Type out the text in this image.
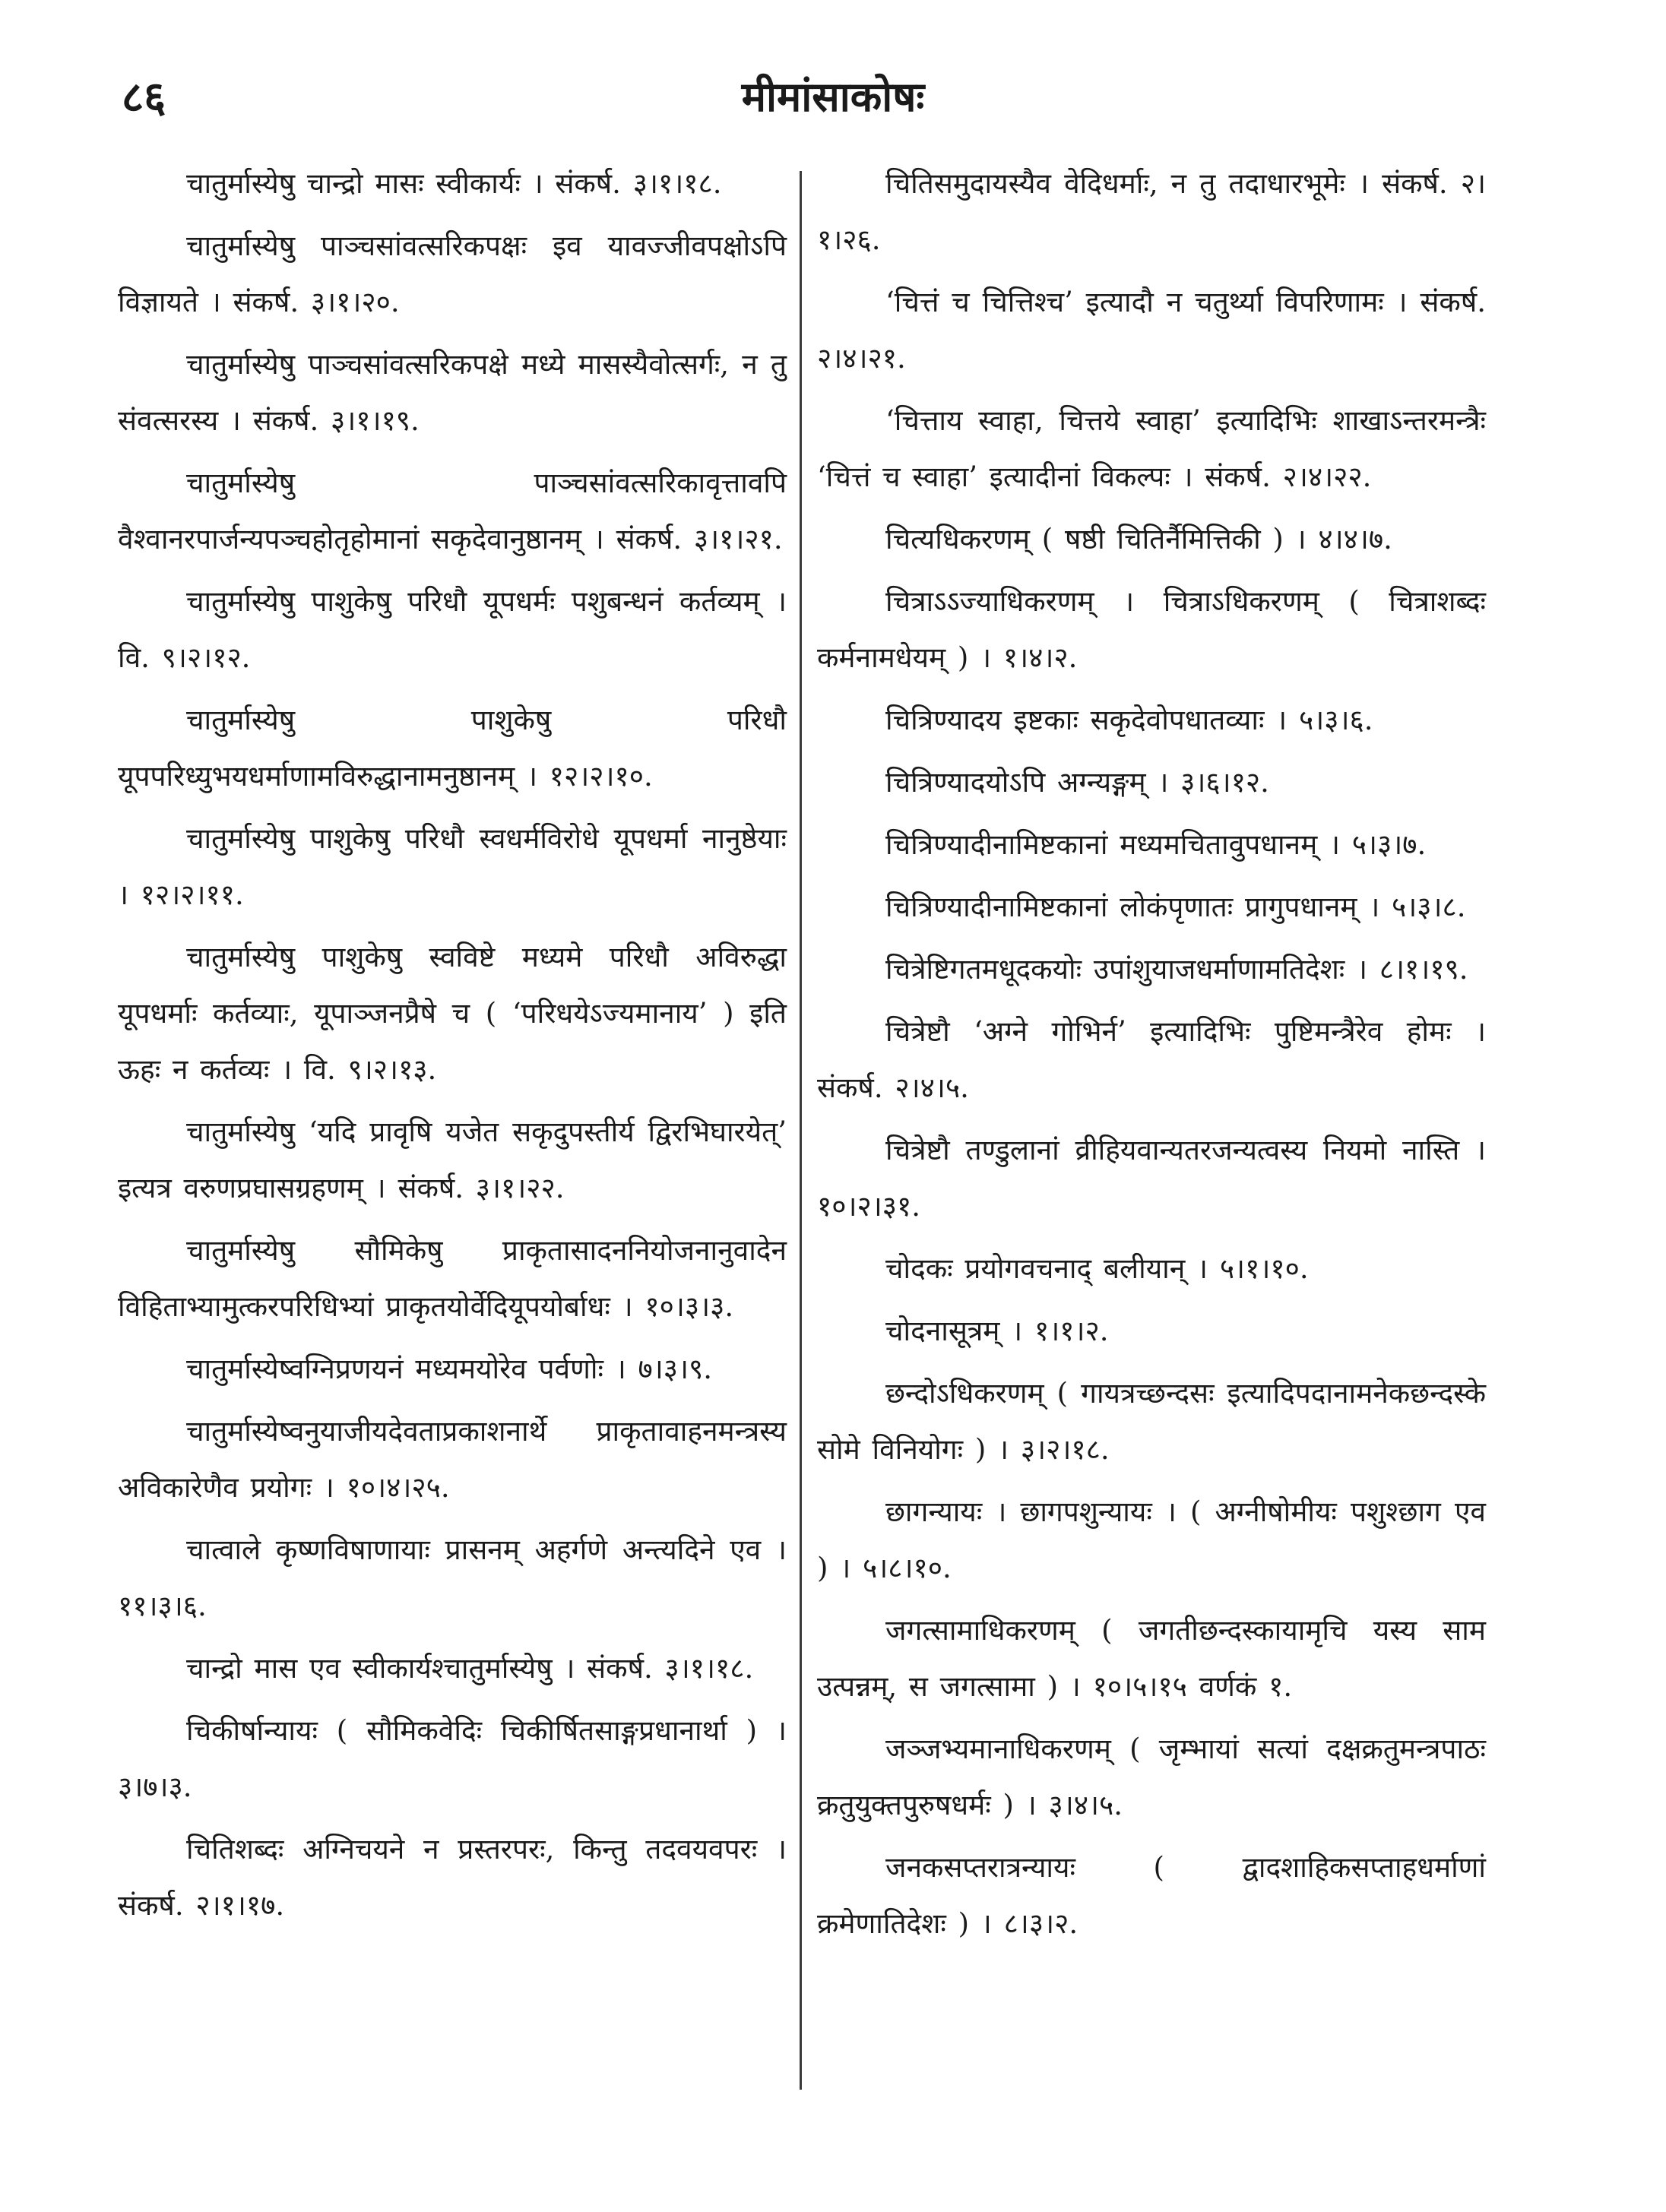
८६	मीमांसाकोषः

चातुर्मास्येषु चान्द्रो मासः स्वीकार्यः । संकर्ष. ३।१।१८.

चातुर्मास्येषु पाञ्चसांवत्सरिकपक्षः इव यावज्जीवपक्षोऽपि विज्ञायते । संकर्ष. ३।१।२०.

चातुर्मास्येषु पाञ्चसांवत्सरिकपक्षे मध्ये मासस्यैवोत्सर्गः, न तु संवत्सरस्य । संकर्ष. ३।१।१९.

चातुर्मास्येषु पाञ्चसांवत्सरिकावृत्तावपि वैश्वानरपार्जन्यपञ्चहोतृहोमानां सकृदेवानुष्ठानम् । संकर्ष. ३।१।२१.

चातुर्मास्येषु पाशुकेषु परिधौ यूपधर्मः पशुबन्धनं कर्तव्यम् । वि. ९।२।१२.

चातुर्मास्येषु पाशुकेषु परिधौ यूपपरिध्युभयधर्माणामविरुद्धानामनुष्ठानम् । १२।२।१०.

चातुर्मास्येषु पाशुकेषु परिधौ स्वधर्मविरोधे यूपधर्मा नानुष्ठेयाः । १२।२।११.

चातुर्मास्येषु पाशुकेषु स्वविष्टे मध्यमे परिधौ अविरुद्धा यूपधर्माः कर्तव्याः, यूपाञ्जनप्रैषे च ( ‘परिधयेऽज्यमानाय’ ) इति ऊहः न कर्तव्यः । वि. ९।२।१३.

चातुर्मास्येषु ‘यदि प्रावृषि यजेत सकृदुपस्तीर्य द्विरभिघारयेत्’ इत्यत्र वरुणप्रघासग्रहणम् । संकर्ष. ३।१।२२.

चातुर्मास्येषु सौमिकेषु प्राकृतासादननियोजनानुवादेन विहिताभ्यामुत्करपरिधिभ्यां प्राकृतयोर्वेदियूपयोर्बाधः । १०।३।३.

चातुर्मास्येष्वग्निप्रणयनं मध्यमयोरेव पर्वणोः । ७।३।९.

चातुर्मास्येष्वनुयाजीयदेवताप्रकाशनार्थे प्राकृतावाहनमन्त्रस्य अविकारेणैव प्रयोगः । १०।४।२५.

चात्वाले कृष्णविषाणायाः प्रासनम् अहर्गणे अन्त्यदिने एव । ११।३।६.

चान्द्रो मास एव स्वीकार्यश्चातुर्मास्येषु । संकर्ष. ३।१।१८.

चिकीर्षान्यायः ( सौमिकवेदिः चिकीर्षितसाङ्गप्रधानार्था ) । ३।७।३.

चितिशब्दः अग्निचयने न प्रस्तरपरः, किन्तु तदवयवपरः । संकर्ष. २।१।१७.

चितिसमुदायस्यैव वेदिधर्माः, न तु तदाधारभूमेः । संकर्ष. २।१।२६.

‘चित्तं च चित्तिश्च’ इत्यादौ न चतुर्थ्या विपरिणामः । संकर्ष. २।४।२१.

‘चित्ताय स्वाहा, चित्तये स्वाहा’ इत्यादिभिः शाखाऽन्तरमन्त्रैः ‘चित्तं च स्वाहा’ इत्यादीनां विकल्पः । संकर्ष. २।४।२२.

चित्यधिकरणम् ( षष्ठी चितिर्नैमित्तिकी ) । ४।४।७.

चित्राऽऽज्याधिकरणम् । चित्राऽधिकरणम् ( चित्राशब्दः कर्मनामधेयम् ) । १।४।२.

चित्रिण्यादय इष्टकाः सकृदेवोपधातव्याः । ५।३।६.

चित्रिण्यादयोऽपि अग्न्यङ्गम् । ३।६।१२.

चित्रिण्यादीनामिष्टकानां मध्यमचितावुपधानम् । ५।३।७.

चित्रिण्यादीनामिष्टकानां लोकंपृणातः प्रागुपधानम् । ५।३।८.

चित्रेष्टिगतमधूदकयोः उपांशुयाजधर्माणामतिदेशः । ८।१।१९.

चित्रेष्टौ ‘अग्ने गोभिर्न’ इत्यादिभिः पुष्टिमन्त्रैरेव होमः । संकर्ष. २।४।५.

चित्रेष्टौ तण्डुलानां व्रीहियवान्यतरजन्यत्वस्य नियमो नास्ति । १०।२।३१.

चोदकः प्रयोगवचनाद् बलीयान् । ५।१।१०.

चोदनासूत्रम् । १।१।२.

छन्दोऽधिकरणम् ( गायत्रच्छन्दसः इत्यादिपदानामनेकछन्दस्के सोमे विनियोगः ) । ३।२।१८.

छागन्यायः । छागपशुन्यायः । ( अग्नीषोमीयः पशुश्छाग एव ) । ५।८।१०.

जगत्सामाधिकरणम् ( जगतीछन्दस्कायामृचि यस्य साम उत्पन्नम्, स जगत्सामा ) । १०।५।१५ वर्णकं १.

जञ्जभ्यमानाधिकरणम् ( जृम्भायां सत्यां दक्षक्रतुमन्त्रपाठः क्रतुयुक्तपुरुषधर्मः ) । ३।४।५.

जनकसप्तरात्रन्यायः ( द्वादशाहिकसप्ताहधर्माणां क्रमेणातिदेशः ) । ८।३।२.
